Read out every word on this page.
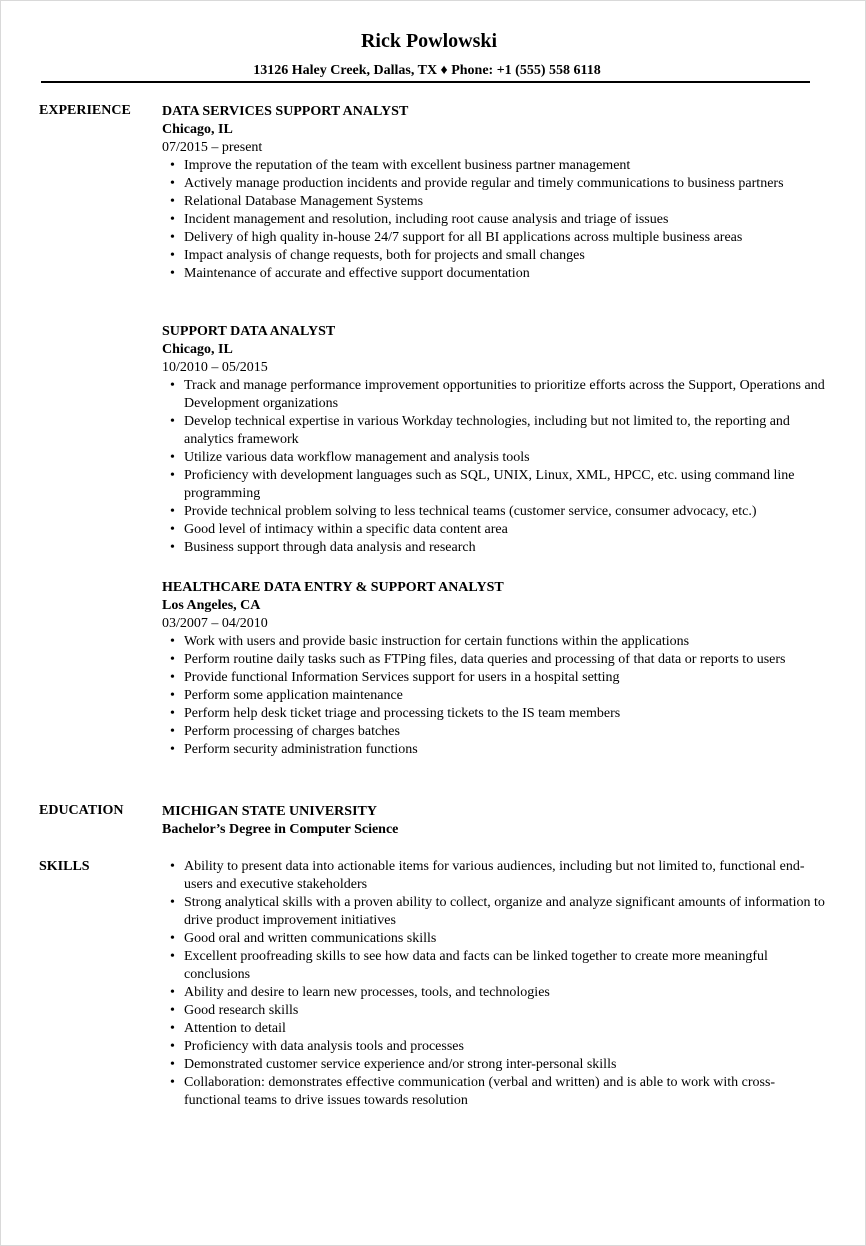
Rick Powlowski
13126 Haley Creek, Dallas, TX ♦ Phone: +1 (555) 558 6118
EXPERIENCE DATA SERVICES SUPPORT ANALYST
Chicago, IL
07/2015 – present
• Improve the reputation of the team with excellent business partner management
• Actively manage production incidents and provide regular and timely communications to business partners
• Relational Database Management Systems
• Incident management and resolution, including root cause analysis and triage of issues
• Delivery of high quality in-house 24/7 support for all BI applications across multiple business areas
• Impact analysis of change requests, both for projects and small changes
• Maintenance of accurate and effective support documentation
SUPPORT DATA ANALYST
Chicago, IL
10/2010 – 05/2015
• Track and manage performance improvement opportunities to prioritize efforts across the Support, Operations and Development organizations
• Develop technical expertise in various Workday technologies, including but not limited to, the reporting and analytics framework
• Utilize various data workflow management and analysis tools
• Proficiency with development languages such as SQL, UNIX, Linux, XML, HPCC, etc. using command line programming
• Provide technical problem solving to less technical teams (customer service, consumer advocacy, etc.)
• Good level of intimacy within a specific data content area
• Business support through data analysis and research
HEALTHCARE DATA ENTRY & SUPPORT ANALYST
Los Angeles, CA
03/2007 – 04/2010
• Work with users and provide basic instruction for certain functions within the applications
• Perform routine daily tasks such as FTPing files, data queries and processing of that data or reports to users
• Provide functional Information Services support for users in a hospital setting
• Perform some application maintenance
• Perform help desk ticket triage and processing tickets to the IS team members
• Perform processing of charges batches
• Perform security administration functions
EDUCATION	MICHIGAN STATE UNIVERSITY
Bachelor’s Degree in Computer Science
SKILLS
•	Ability to present data into actionable items for various audiences, including but not limited to, functional end-users and executive stakeholders
• Strong analytical skills with a proven ability to collect, organize and analyze significant amounts of information to drive product improvement initiatives
• Good oral and written communications skills
• Excellent proofreading skills to see how data and facts can be linked together to create more meaningful conclusions
• Ability and desire to learn new processes, tools, and technologies
• Good research skills
• Attention to detail
• Proficiency with data analysis tools and processes
• Demonstrated customer service experience and/or strong inter-personal skills
• Collaboration: demonstrates effective communication (verbal and written) and is able to work with cross-functional teams to drive issues towards resolution
